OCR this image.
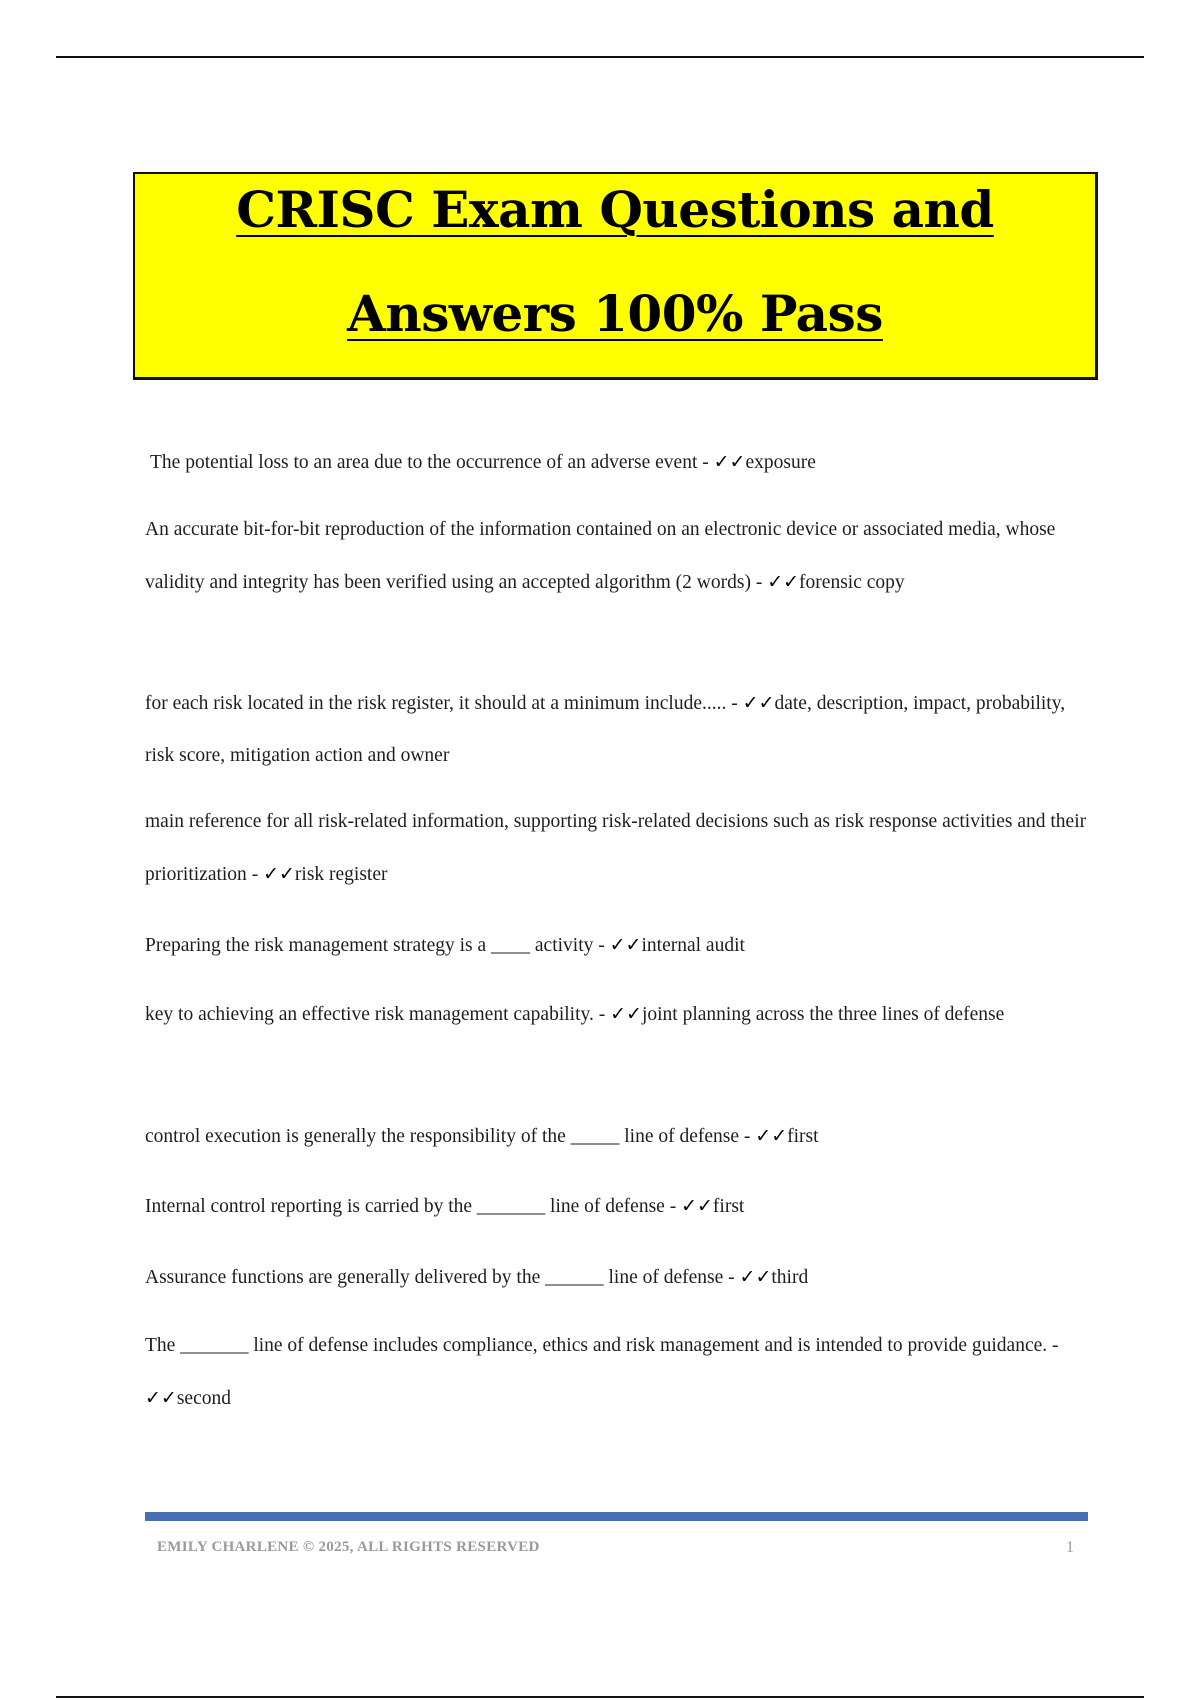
CRISC Exam Questions and
Answers 100% Pass
The potential loss to an area due to the occurrence of an adverse event - ✓✓exposure
An accurate bit-for-bit reproduction of the information contained on an electronic device or associated media, whose validity and integrity has been verified using an accepted algorithm (2 words) - ✓✓forensic copy
for each risk located in the risk register, it should at a minimum include..... - ✓✓date, description, impact, probability, risk score, mitigation action and owner
main reference for all risk-related information, supporting risk-related decisions such as risk response activities and their prioritization - ✓✓risk register
Preparing the risk management strategy is a ____ activity - ✓✓internal audit
key to achieving an effective risk management capability. - ✓✓joint planning across the three lines of defense
control execution is generally the responsibility of the _____ line of defense - ✓✓first
Internal control reporting is carried by the _______ line of defense - ✓✓first
Assurance functions are generally delivered by the ______ line of defense - ✓✓third
The _______ line of defense includes compliance, ethics and risk management and is intended to provide guidance. - ✓✓second
EMILY CHARLENE © 2025, ALL RIGHTS RESERVED	1
